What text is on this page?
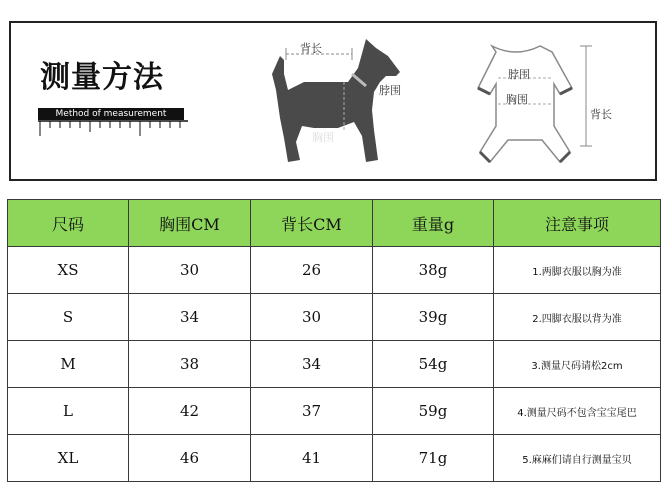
测量方法
Method of measurement
背长
脖围
胸围
脖围
胸围
背长
尺码	胸围CM	背长CM	重量g	注意事项
XS	30	26	38g	1.两脚衣服以胸为准
S	34	30	39g	2.四脚衣服以背为准
M	38	34	54g	3.测量尺码请松2cm
L	42	37	59g	4.测量尺码不包含宝宝尾巴
XL	46	41	71g	5.麻麻们请自行测量宝贝
